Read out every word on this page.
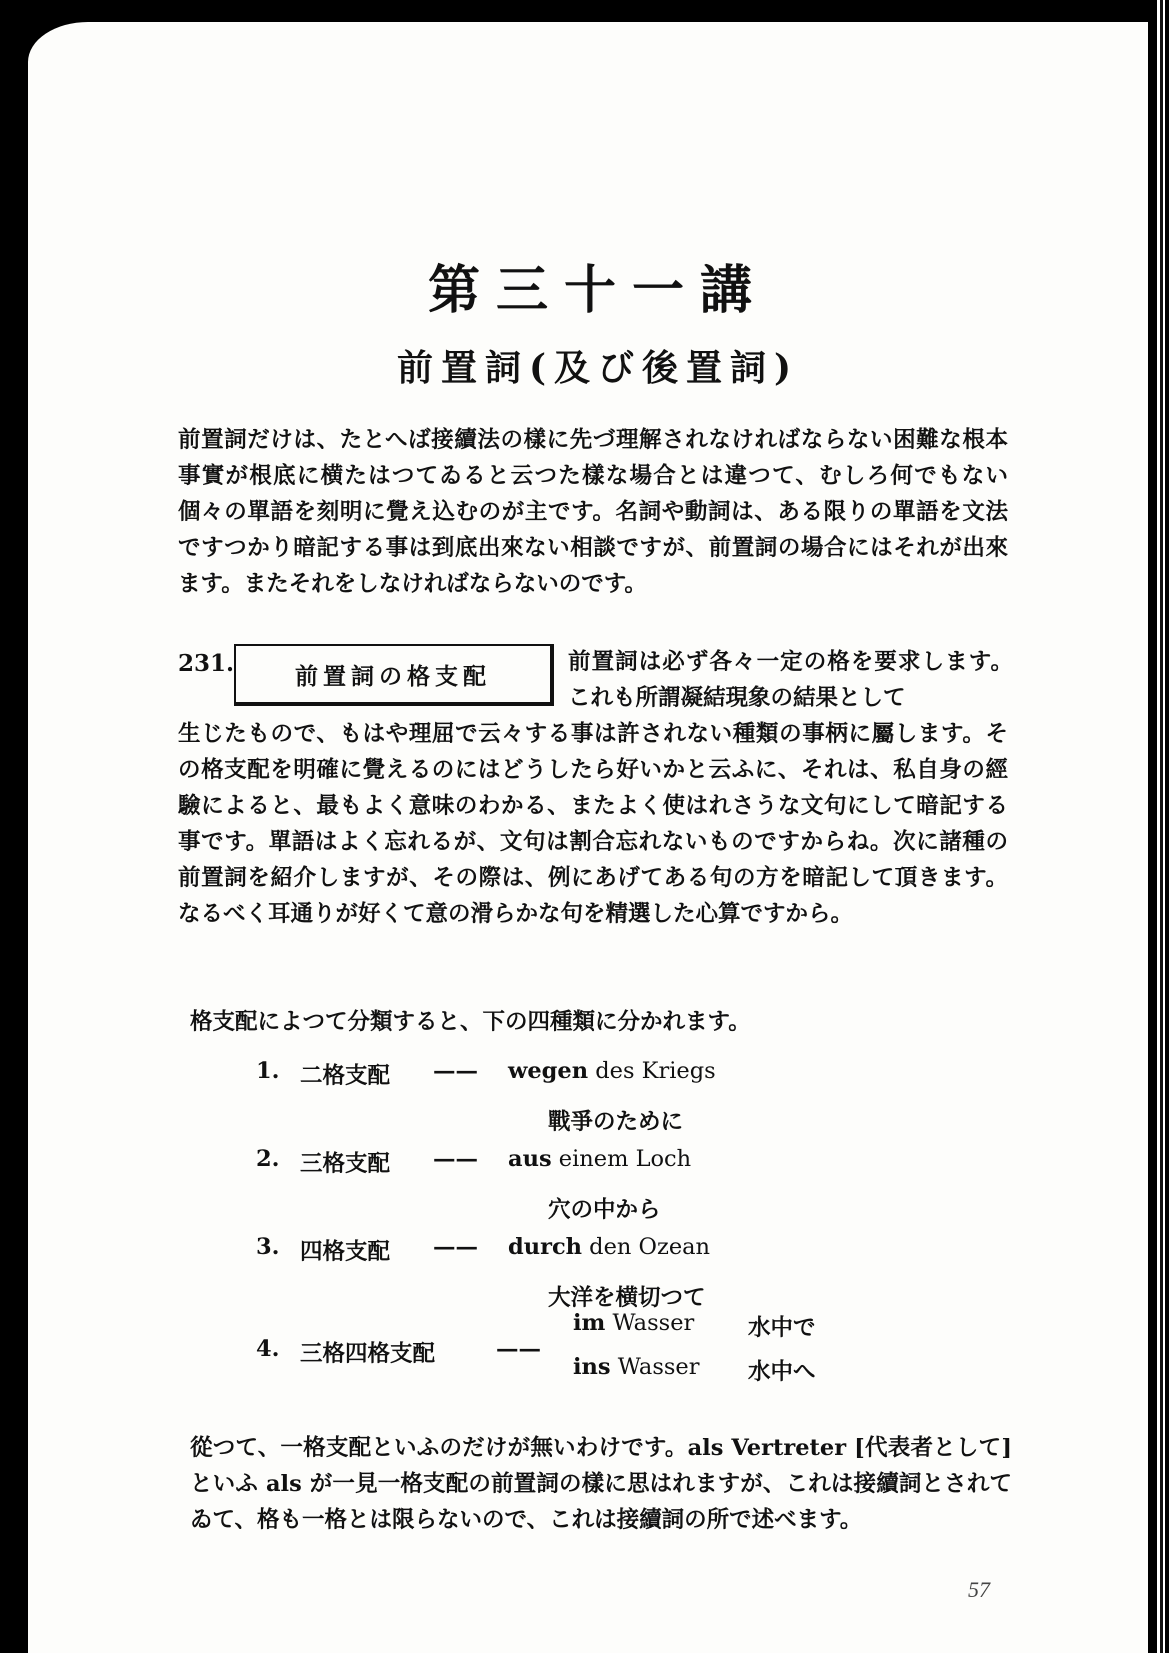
第三十一講
前置詞(及び後置詞)

前置詞だけは、たとへば接續法の樣に先づ理解されなければならない困難な根本事實が根底に横たはつてゐると云つた樣な場合とは違つて、むしろ何でもない個々の單語を刻明に覺え込むのが主です。名詞や動詞は、ある限りの單語を文法ですつかり暗記する事は到底出來ない相談ですが、前置詞の場合にはそれが出來ます。またそれをしなければならないのです。

231.	前置詞の格支配

前置詞は必ず各々一定の格を要求します。これも所謂凝結現象の結果として

生じたもので、もはや理屈で云々する事は許されない種類の事柄に屬します。その格支配を明確に覺えるのにはどうしたら好いかと云ふに、それは、私自身の經驗によると、最もよく意味のわかる、またよく使はれさうな文句にして暗記する事です。單語はよく忘れるが、文句は割合忘れないものですからね。次に諸種の前置詞を紹介しますが、その際は、例にあげてある句の方を暗記して頂きます。なるべく耳通りが好くて意の滑らかな句を精選した心算ですから。

格支配によつて分類すると、下の四種類に分かれます。

1. 二格支配 —— wegen des Kriegs
戰爭のために
2. 三格支配 —— aus einem Loch
穴の中から
3. 四格支配 —— durch den Ozean
大洋を横切つて
4. 三格四格支配	——
im Wasser 水中で
ins Wasser 水中へ

從つて、一格支配といふのだけが無いわけです。als Vertreter [代表者として] といふ als が一見一格支配の前置詞の樣に思はれますが、これは接續詞とされてゐて、格も一格とは限らないので、これは接續詞の所で述べます。

57
